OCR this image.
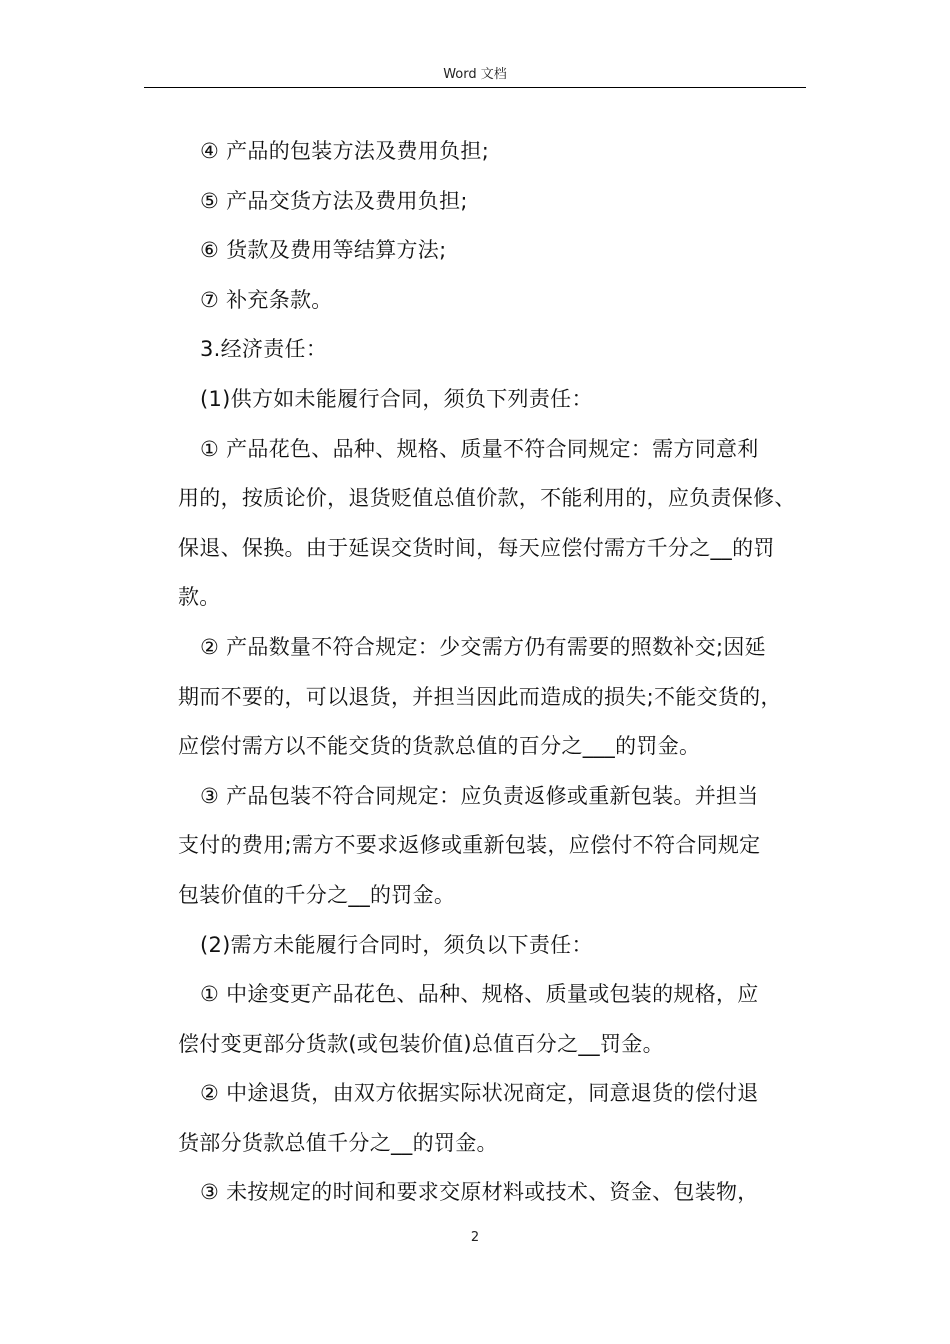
Word 文档
④ 产品的包装方法及费用负担;
⑤ 产品交货方法及费用负担;
⑥ 货款及费用等结算方法;
⑦ 补充条款。
3.经济责任：
(1)供方如未能履行合同，须负下列责任：
① 产品花色、品种、规格、质量不符合同规定：需方同意利
用的，按质论价，退货贬值总值价款，不能利用的，应负责保修、
保退、保换。由于延误交货时间，每天应偿付需方千分之__的罚
款。
② 产品数量不符合规定：少交需方仍有需要的照数补交;因延
期而不要的，可以退货，并担当因此而造成的损失;不能交货的，
应偿付需方以不能交货的货款总值的百分之___的罚金。
③ 产品包装不符合同规定：应负责返修或重新包装。并担当
支付的费用;需方不要求返修或重新包装，应偿付不符合同规定
包装价值的千分之__的罚金。
(2)需方未能履行合同时，须负以下责任：
① 中途变更产品花色、品种、规格、质量或包装的规格，应
偿付变更部分货款(或包装价值)总值百分之__罚金。
② 中途退货，由双方依据实际状况商定，同意退货的偿付退
货部分货款总值千分之__的罚金。
③ 未按规定的时间和要求交原材料或技术、资金、包装物，
2
